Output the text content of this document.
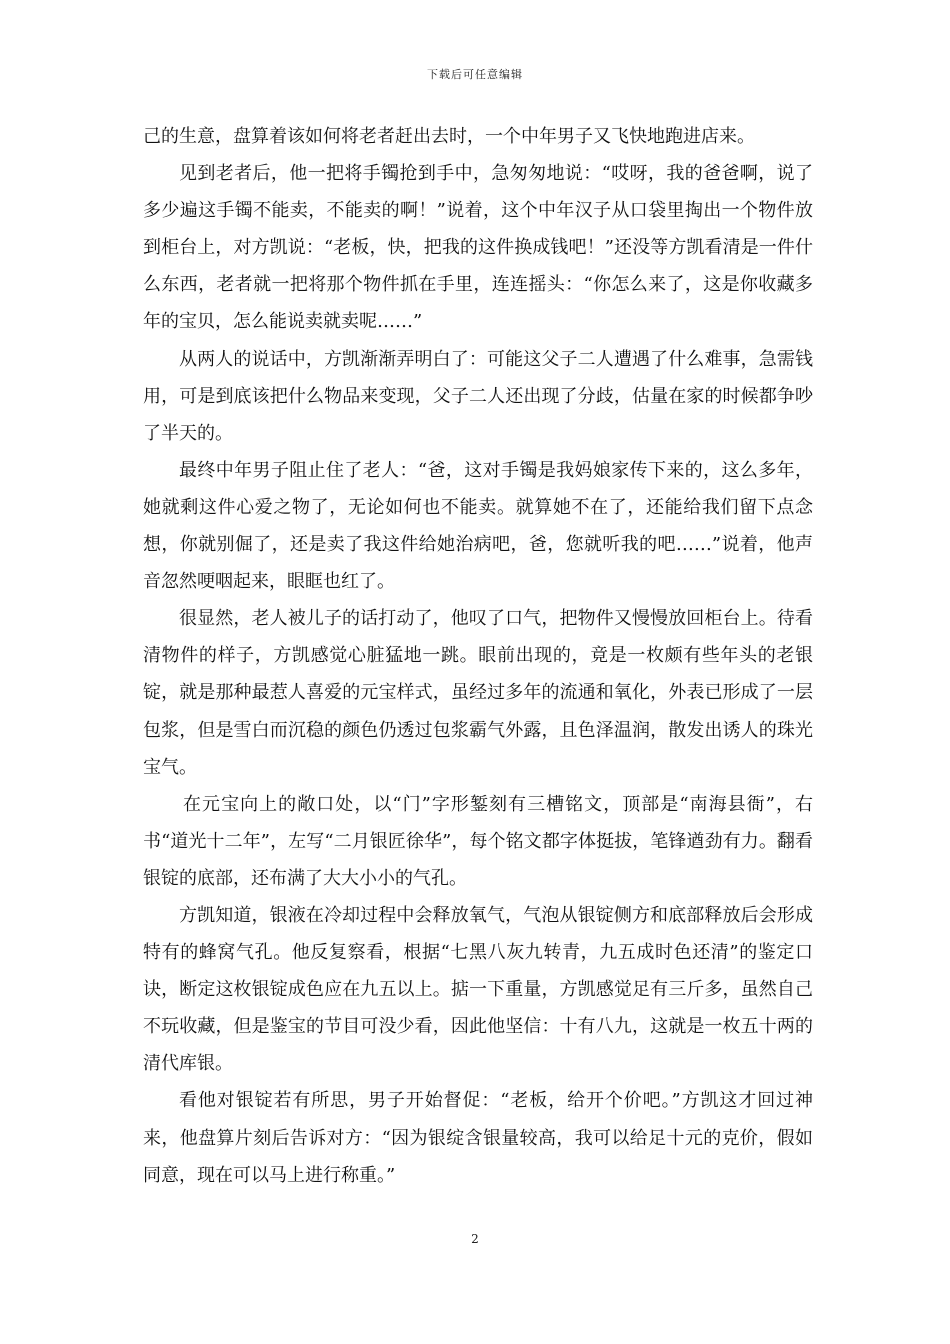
下载后可任意编辑

己的生意，盘算着该如何将老者赶出去时，一个中年男子又飞快地跑进店来。

见到老者后，他一把将手镯抢到手中，急匆匆地说：“哎呀，我的爸爸啊，说了多少遍这手镯不能卖，不能卖的啊！”说着，这个中年汉子从口袋里掏出一个物件放到柜台上，对方凯说：“老板，快，把我的这件换成钱吧！”还没等方凯看清是一件什么东西，老者就一把将那个物件抓在手里，连连摇头：“你怎么来了，这是你收藏多年的宝贝，怎么能说卖就卖呢……”

从两人的说话中，方凯渐渐弄明白了：可能这父子二人遭遇了什么难事，急需钱用，可是到底该把什么物品来变现，父子二人还出现了分歧，估量在家的时候都争吵了半天的。

最终中年男子阻止住了老人：“爸，这对手镯是我妈娘家传下来的，这么多年，她就剩这件心爱之物了，无论如何也不能卖。就算她不在了，还能给我们留下点念想，你就别倔了，还是卖了我这件给她治病吧，爸，您就听我的吧……”说着，他声音忽然哽咽起来，眼眶也红了。

很显然，老人被儿子的话打动了，他叹了口气，把物件又慢慢放回柜台上。待看清物件的样子，方凯感觉心脏猛地一跳。眼前出现的，竟是一枚颇有些年头的老银锭，就是那种最惹人喜爱的元宝样式，虽经过多年的流通和氧化，外表已形成了一层包浆，但是雪白而沉稳的颜色仍透过包浆霸气外露，且色泽温润，散发出诱人的珠光宝气。

在元宝向上的敞口处，以“门”字形錾刻有三槽铭文，顶部是“南海县衙”，右书“道光十二年”，左写“二月银匠徐华”，每个铭文都字体挺拔，笔锋遒劲有力。翻看银锭的底部，还布满了大大小小的气孔。

方凯知道，银液在冷却过程中会释放氧气，气泡从银锭侧方和底部释放后会形成特有的蜂窝气孔。他反复察看，根据“七黑八灰九转青，九五成时色还清”的鉴定口诀，断定这枚银锭成色应在九五以上。掂一下重量，方凯感觉足有三斤多，虽然自己不玩收藏，但是鉴宝的节目可没少看，因此他坚信：十有八九，这就是一枚五十两的清代库银。

看他对银锭若有所思，男子开始督促：“老板，给开个价吧。”方凯这才回过神来，他盘算片刻后告诉对方：“因为银绽含银量较高，我可以给足十元的克价，假如同意，现在可以马上进行称重。”

2
